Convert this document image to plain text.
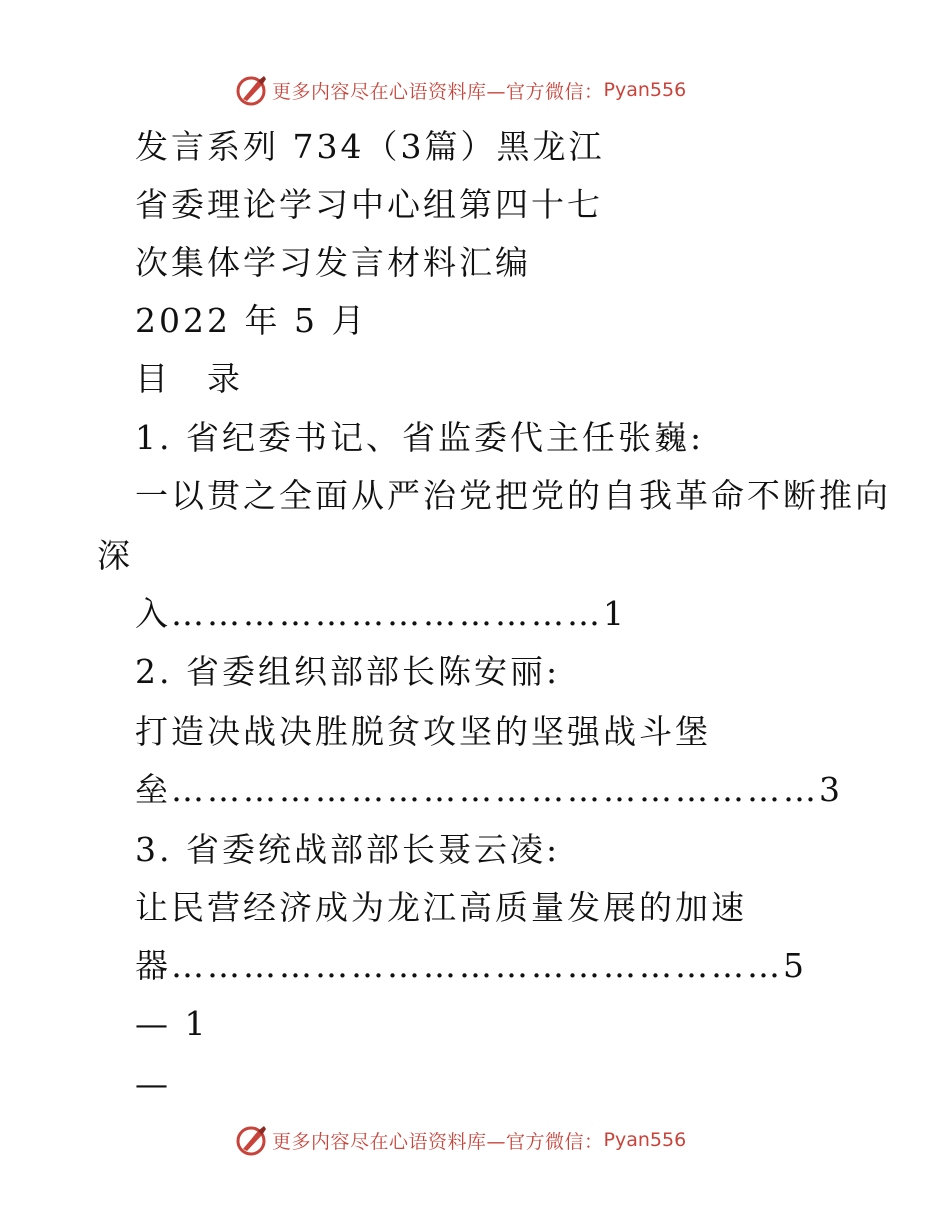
更多内容尽在心语资料库—官方微信： Pyan556
发言系列 734（3篇）黑龙江
省委理论学习中心组第四十七
次集体学习发言材料汇编
2022 年 5 月
目　录
1. 省纪委书记、省监委代主任张巍:
一以贯之全面从严治党把党的自我革命不断推向
深
入………………………………1
2. 省委组织部部长陈安丽:
打造决战决胜脱贫攻坚的坚强战斗堡
垒………………………………………………3
3. 省委统战部部长聂云凌:
让民营经济成为龙江高质量发展的加速
器……………………………………………5
— 1
—
更多内容尽在心语资料库—官方微信： Pyan556
